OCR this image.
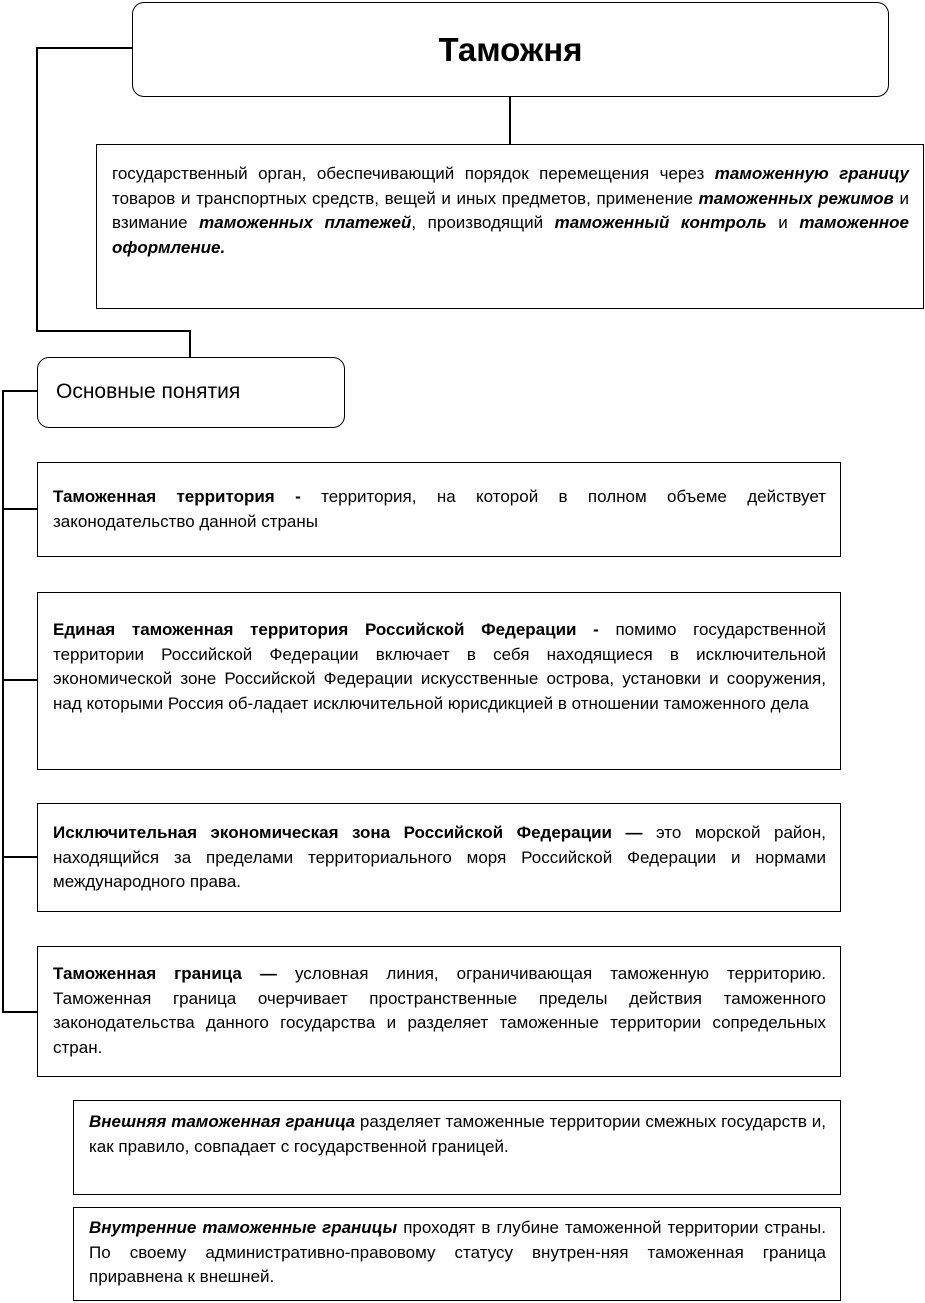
Таможня
государственный орган, обеспечивающий порядок перемещения через таможенную границу товаров и транспортных средств, вещей и иных предметов, применение таможенных режимов и взимание таможенных платежей, производящий таможенный контроль и таможенное оформление.
Основные понятия
Таможенная территория - территория, на которой в полном объеме действует законодательство данной страны
Единая таможенная территория Российской Федерации - помимо государственной территории Российской Федерации включает в себя находящиеся в исключительной экономической зоне Российской Федерации искусственные острова, установки и сооружения, над которыми Россия об-ладает исключительной юрисдикцией в отношении таможенного дела
Исключительная экономическая зона Российской Федерации — это морской район, находящийся за пределами территориального моря Российской Федерации и нормами международного права.
Таможенная граница — условная линия, ограничивающая таможенную территорию. Таможенная граница очерчивает пространственные пределы действия таможенного законодательства данного государства и разделяет таможенные территории сопредельных стран.
Внешняя таможенная граница разделяет таможенные территории смежных государств и, как правило, совпадает с государственной границей.
Внутренние таможенные границы проходят в глубине таможенной территории страны. По своему административно-правовому статусу внутрен-няя таможенная граница приравнена к внешней.
